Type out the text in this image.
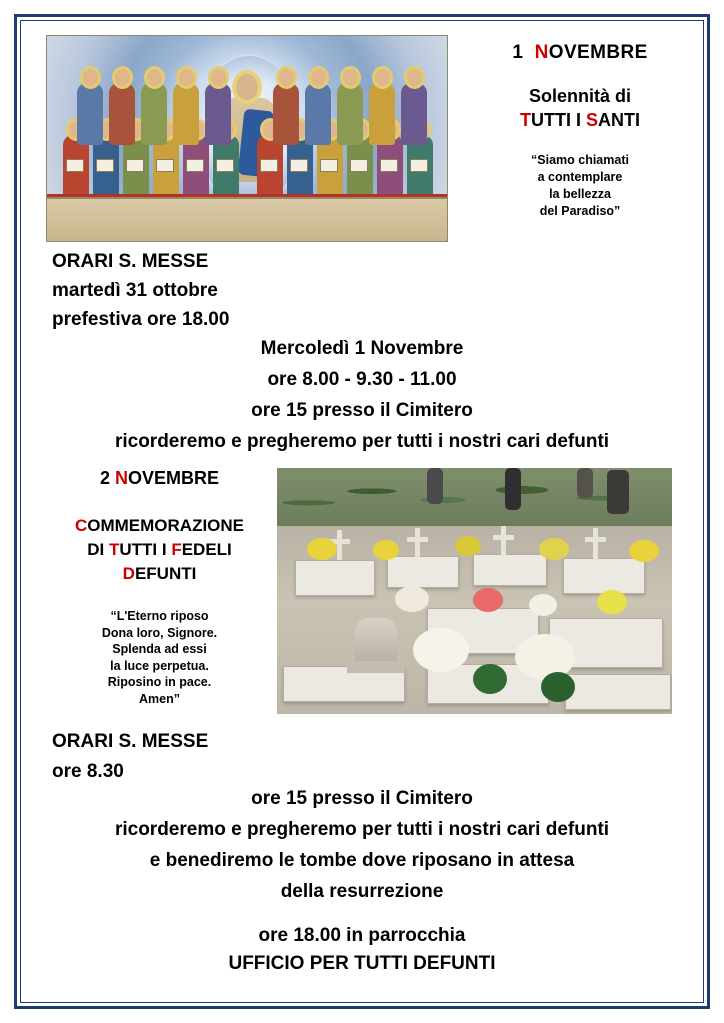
1 NOVEMBRE
Solennità di
TUTTI I SANTI
“Siamo chiamati
a contemplare
la bellezza
del Paradiso”
ORARI S. MESSE
martedì 31 ottobre
prefestiva ore 18.00
Mercoledì 1 Novembre
ore 8.00 - 9.30 - 11.00
ore 15 presso il Cimitero
ricorderemo e pregheremo per tutti i nostri cari defunti
2 NOVEMBRE
COMMEMORAZIONE
DI TUTTI I FEDELI
DEFUNTI
“L'Eterno riposo
Dona loro, Signore.
Splenda ad essi
la luce perpetua.
Riposino in pace.
Amen”
ORARI S. MESSE
ore 8.30
ore 15 presso il Cimitero
ricorderemo e pregheremo per tutti i nostri cari defunti
e benediremo le tombe dove riposano in attesa
della resurrezione
ore 18.00 in parrocchia
UFFICIO PER TUTTI DEFUNTI
